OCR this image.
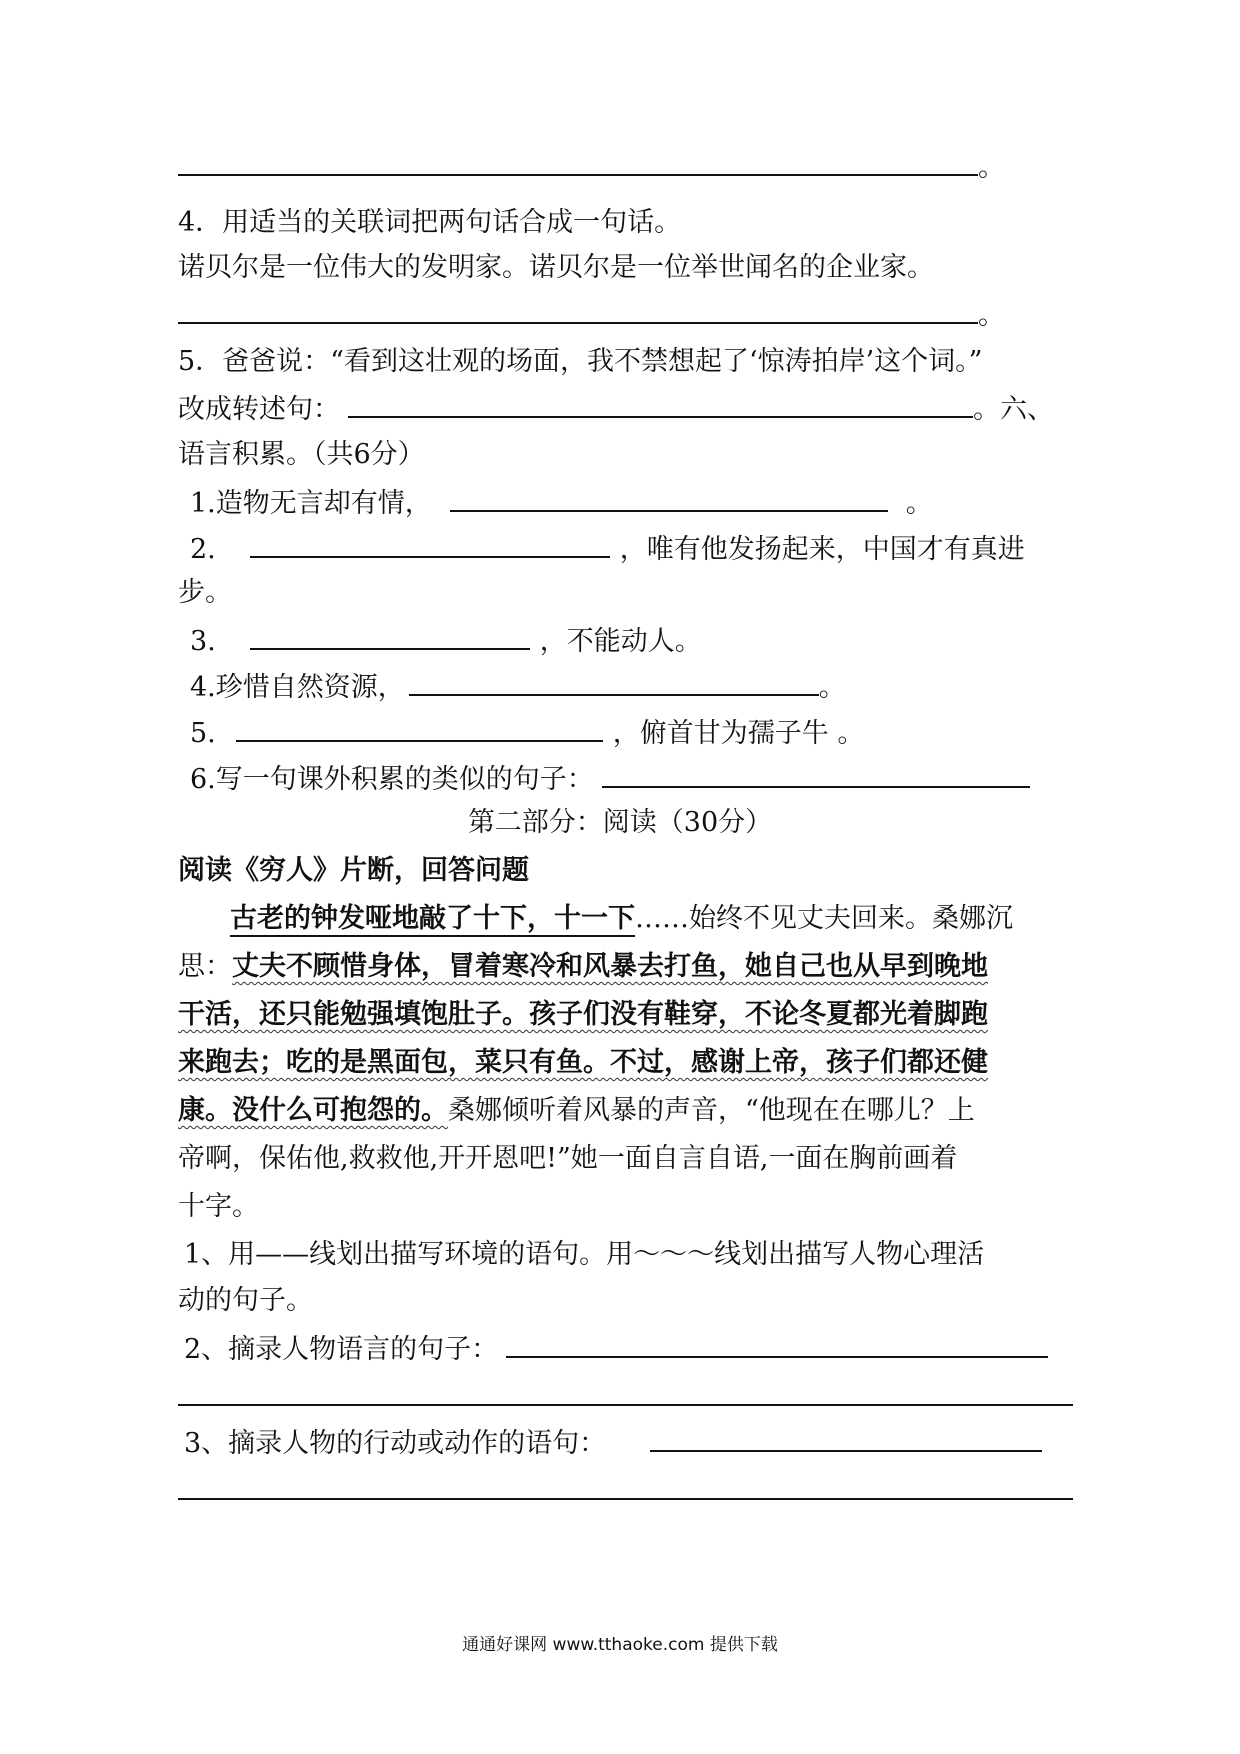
。
4．用适当的关联词把两句话合成一句话。
诺贝尔是一位伟大的发明家。诺贝尔是一位举世闻名的企业家。
。
5．爸爸说：“看到这壮观的场面，我不禁想起了‘惊涛拍岸’这个词。”
改成转述句：	。六、
语言积累。（共6分）
1.造物无言却有情，	。
2.	，唯有他发扬起来，中国才有真进
步。
3.	，不能动人。
4.珍惜自然资源，	。
5.	，俯首甘为孺子牛 。
6.写一句课外积累的类似的句子：
第二部分：阅读（30分）
阅读《穷人》片断，回答问题
古老的钟发哑地敲了十下，十一下……始终不见丈夫回来。桑娜沉
思：丈夫不顾惜身体，冒着寒冷和风暴去打鱼，她自己也从早到晚地
干活，还只能勉强填饱肚子。孩子们没有鞋穿，不论冬夏都光着脚跑
来跑去；吃的是黑面包，菜只有鱼。不过，感谢上帝，孩子们都还健
康。没什么可抱怨的。桑娜倾听着风暴的声音，“他现在在哪儿？上
帝啊，保佑他,救救他,开开恩吧!”她一面自言自语,一面在胸前画着
十字。
1、用——线划出描写环境的语句。用～～～线划出描写人物心理活
动的句子。
2、摘录人物语言的句子：
3、摘录人物的行动或动作的语句：
通通好课网 www.tthaoke.com 提供下载
